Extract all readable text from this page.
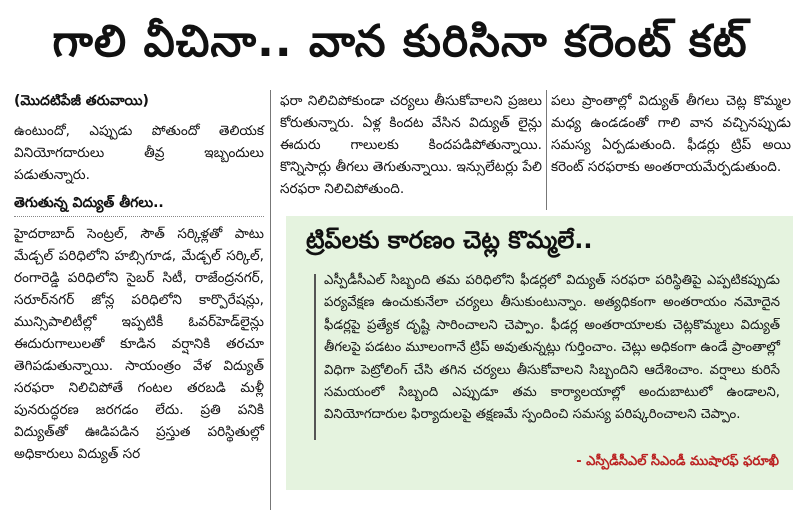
గాలి వీచినా.. వాన కురిసినా కరెంట్ కట్
(మొదటిపేజీ తరువాయి)

ఉంటుందో, ఎప్పుడు పోతుందో తెలియక వినియోగదారులు తీవ్ర ఇబ్బందులు పడుతున్నారు.

తెగుతున్న విద్యుత్ తీగలు..

హైదరాబాద్ సెంట్రల్, సౌత్ సర్కిళ్లతో పాటు మేడ్చల్ పరిధిలోని హబ్సిగూడ, మేడ్చల్ సర్కిల్, రంగారెడ్డి పరిధిలోని సైబర్ సిటీ, రాజేంద్రనగర్, సరూర్‌నగర్ జోన్ల పరిధిలోని కార్పొరేషన్లు, మున్సిపాలిటీల్లో ఇప్పటికీ ఓవర్‌హెడ్‌లైన్లు ఈదురుగాలులతో కూడిన వర్షానికి తరచూ తెగిపడుతున్నాయి. సాయంత్రం వేళ విద్యుత్ సరఫరా నిలిచిపోతే గంటల తరబడి మళ్లీ పునరుద్ధరణ జరగడం లేదు. ప్రతి పనికి విద్యుత్‌తో ఊడిపడిన ప్రస్తుత పరిస్థితుల్లో అధికారులు విద్యుత్ సర

ఫరా నిలిచిపోకుండా చర్యలు తీసుకోవాలని ప్రజలు కోరుతున్నారు. ఏళ్ల కిందట వేసిన విద్యుత్ లైన్లు ఈదురు గాలులకు కిందపడిపోతున్నాయి. కొన్నిసార్లు తీగలు తెగుతున్నాయి. ఇన్సులేటర్లు పేలి సరఫరా నిలిచిపోతుంది.

పలు ప్రాంతాల్లో విద్యుత్ తీగలు చెట్ల కొమ్మల మధ్య ఉండడంతో గాలి వాన వచ్చినప్పుడు సమస్య ఏర్పడుతుంది. ఫీడర్లు ట్రిప్ అయి కరెంట్ సరఫరాకు అంతరాయమేర్పడుతుంది.

ట్రిప్‌లకు కారణం చెట్ల కొమ్మలే..
ఎస్పీడీసీఎల్ సిబ్బంది తమ పరిధిలోని ఫీడర్లలో విద్యుత్ సరఫరా పరిస్థితిపై ఎప్పటికప్పుడు పర్యవేక్షణ ఉంచుకునేలా చర్యలు తీసుకుంటున్నాం. అత్యధికంగా అంతరాయం నమోదైన ఫీడర్లపై ప్రత్యేక దృష్టి సారించాలని చెప్పాం. ఫీడర్ల అంతరాయాలకు చెట్లకొమ్మలు విద్యుత్ తీగలపై పడటం మూలంగానే ట్రిప్ అవుతున్నట్లు గుర్తించాం. చెట్లు అధికంగా ఉండే ప్రాంతాల్లో విధిగా పెట్రోలింగ్ చేసి తగిన చర్యలు తీసుకోవాలని సిబ్బందిని ఆదేశించాం. వర్షాలు కురిసే సమయంలో సిబ్బంది ఎప్పుడూ తమ కార్యాలయాల్లో అందుబాటులో ఉండాలని, వినియోగదారుల ఫిర్యాదులపై తక్షణమే స్పందించి సమస్య పరిష్కరించాలని చెప్పాం.
- ఎస్పీడీసీఎల్ సీఎండీ ముషారఫ్ ఫరూఖీ
